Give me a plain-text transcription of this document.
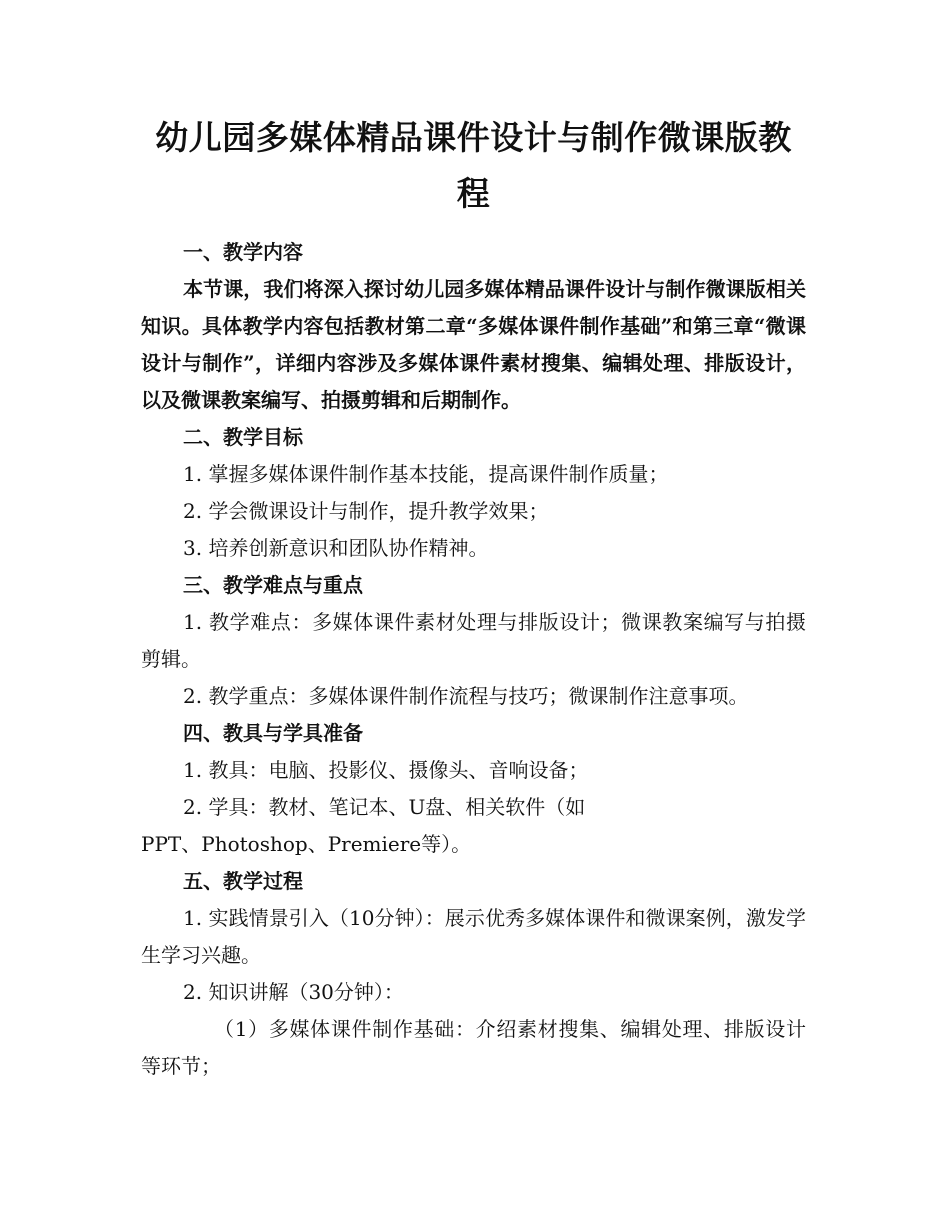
幼儿园多媒体精品课件设计与制作微课版教程

一、教学内容

本节课，我们将深入探讨幼儿园多媒体精品课件设计与制作微课版相关知识。具体教学内容包括教材第二章“多媒体课件制作基础”和第三章“微课设计与制作”，详细内容涉及多媒体课件素材搜集、编辑处理、排版设计，以及微课教案编写、拍摄剪辑和后期制作。

二、教学目标

1. 掌握多媒体课件制作基本技能，提高课件制作质量；

2. 学会微课设计与制作，提升教学效果；

3. 培养创新意识和团队协作精神。

三、教学难点与重点

1. 教学难点：多媒体课件素材处理与排版设计；微课教案编写与拍摄剪辑。

2. 教学重点：多媒体课件制作流程与技巧；微课制作注意事项。

四、教具与学具准备

1. 教具：电脑、投影仪、摄像头、音响设备；

2. 学具：教材、笔记本、U盘、相关软件（如

PPT、Photoshop、Premiere等）。

五、教学过程

1. 实践情景引入（10分钟）：展示优秀多媒体课件和微课案例，激发学生学习兴趣。

2. 知识讲解（30分钟）：

（1）多媒体课件制作基础：介绍素材搜集、编辑处理、排版设计等环节；
